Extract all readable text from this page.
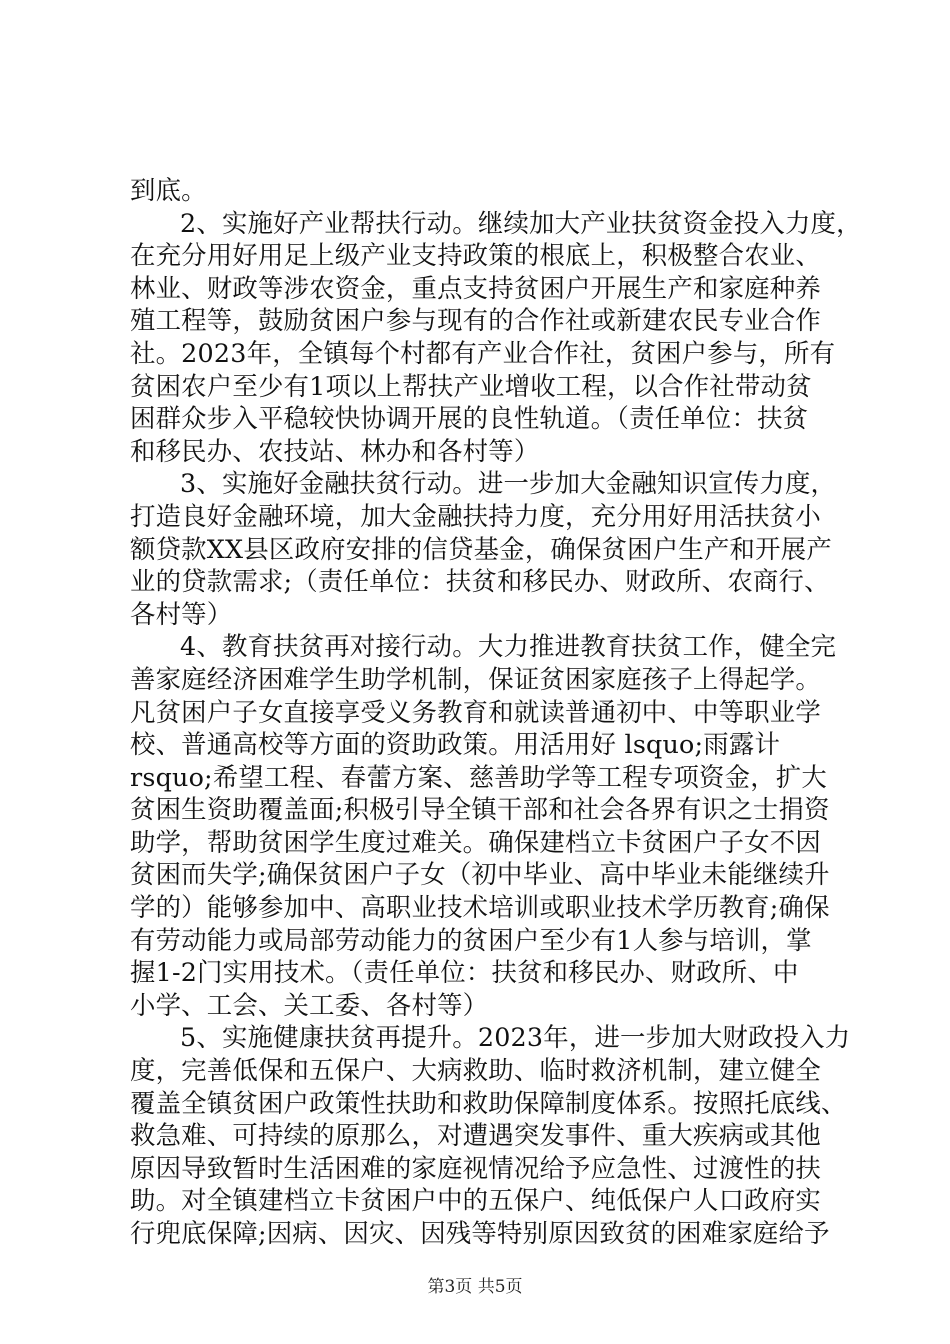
到底。
2、实施好产业帮扶行动。继续加大产业扶贫资金投入力度，
在充分用好用足上级产业支持政策的根底上，积极整合农业、
林业、财政等涉农资金，重点支持贫困户开展生产和家庭种养
殖工程等，鼓励贫困户参与现有的合作社或新建农民专业合作
社。2023年，全镇每个村都有产业合作社，贫困户参与，所有
贫困农户至少有1项以上帮扶产业增收工程，以合作社带动贫
困群众步入平稳较快协调开展的良性轨道。（责任单位：扶贫
和移民办、农技站、林办和各村等）
3、实施好金融扶贫行动。进一步加大金融知识宣传力度，
打造良好金融环境，加大金融扶持力度，充分用好用活扶贫小
额贷款XX县区政府安排的信贷基金，确保贫困户生产和开展产
业的贷款需求;（责任单位：扶贫和移民办、财政所、农商行、
各村等）
4、教育扶贫再对接行动。大力推进教育扶贫工作，健全完
善家庭经济困难学生助学机制，保证贫困家庭孩子上得起学。
凡贫困户子女直接享受义务教育和就读普通初中、中等职业学
校、普通高校等方面的资助政策。用活用好 lsquo;雨露计
rsquo;希望工程、春蕾方案、慈善助学等工程专项资金，扩大
贫困生资助覆盖面;积极引导全镇干部和社会各界有识之士捐资
助学，帮助贫困学生度过难关。确保建档立卡贫困户子女不因
贫困而失学;确保贫困户子女（初中毕业、高中毕业未能继续升
学的）能够参加中、高职业技术培训或职业技术学历教育;确保
有劳动能力或局部劳动能力的贫困户至少有1人参与培训，掌
握1-2门实用技术。（责任单位：扶贫和移民办、财政所、中
小学、工会、关工委、各村等）
5、实施健康扶贫再提升。2023年，进一步加大财政投入力
度，完善低保和五保户、大病救助、临时救济机制，建立健全
覆盖全镇贫困户政策性扶助和救助保障制度体系。按照托底线、
救急难、可持续的原那么，对遭遇突发事件、重大疾病或其他
原因导致暂时生活困难的家庭视情况给予应急性、过渡性的扶
助。对全镇建档立卡贫困户中的五保户、纯低保户人口政府实
行兜底保障;因病、因灾、因残等特别原因致贫的困难家庭给予
第3页 共5页
